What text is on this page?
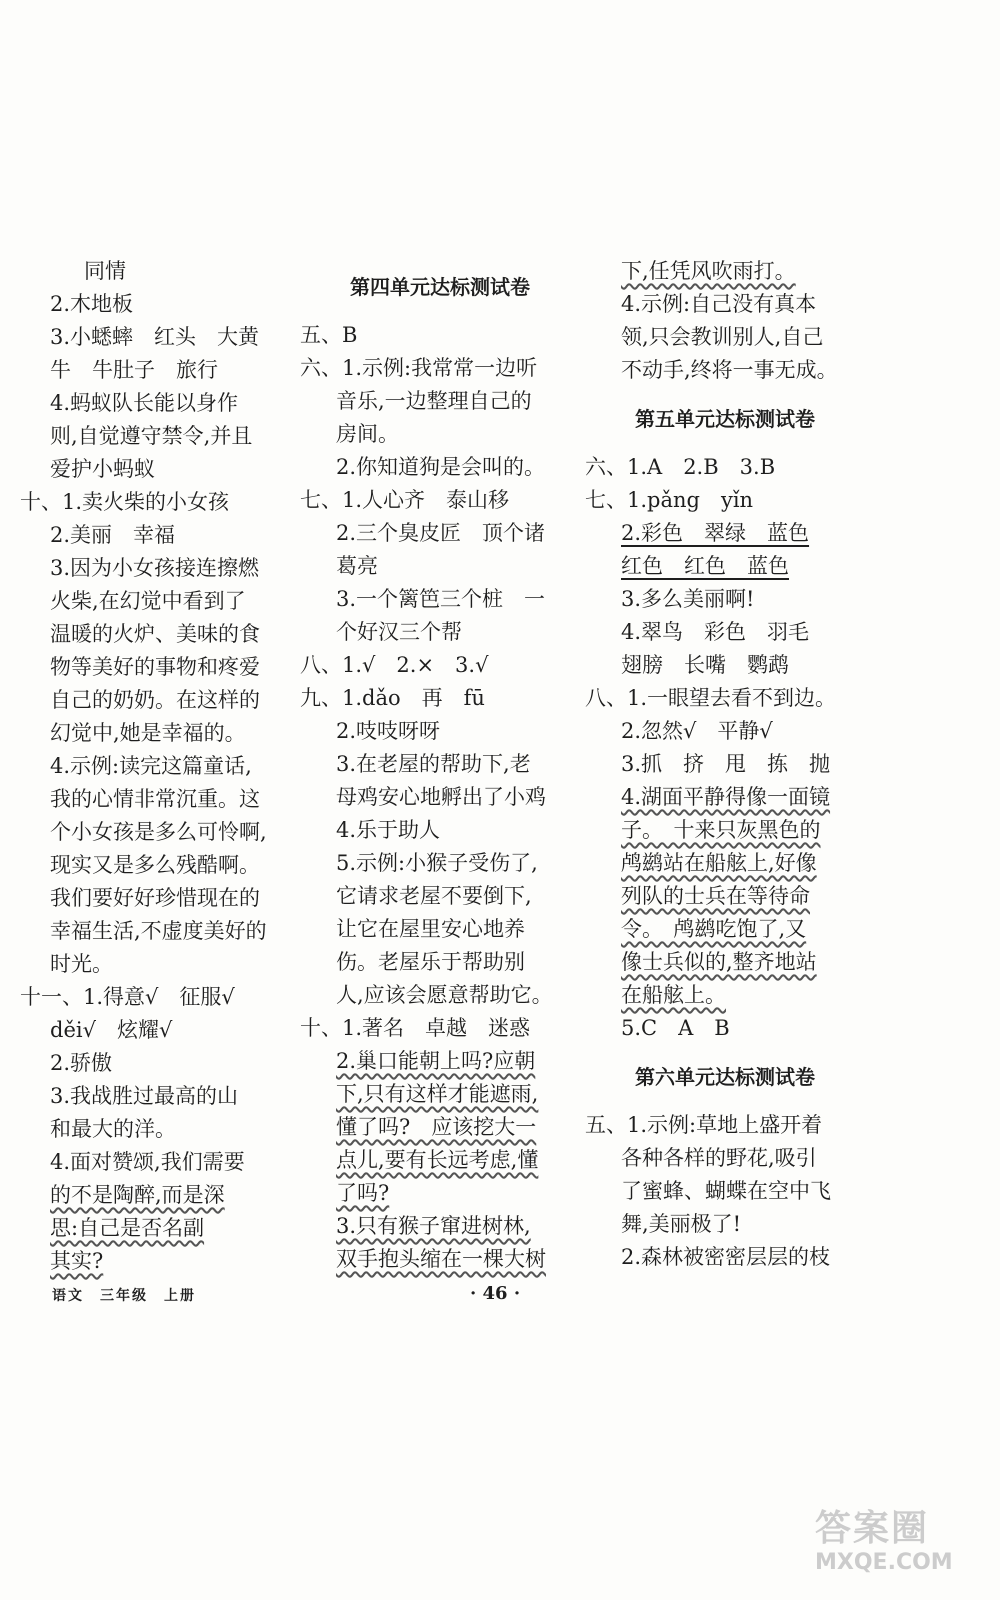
同情
2.木地板
3.小蟋蟀　红头　大黄
牛　牛肚子　旅行
4.蚂蚁队长能以身作
则,自觉遵守禁令,并且
爱护小蚂蚁
十、1.卖火柴的小女孩
2.美丽　幸福
3.因为小女孩接连擦燃
火柴,在幻觉中看到了
温暖的火炉、美味的食
物等美好的事物和疼爱
自己的奶奶。在这样的
幻觉中,她是幸福的。
4.示例:读完这篇童话,
我的心情非常沉重。这
个小女孩是多么可怜啊,
现实又是多么残酷啊。
我们要好好珍惜现在的
幸福生活,不虚度美好的
时光。
十一、1.得意√　征服√
děi√　炫耀√
2.骄傲
3.我战胜过最高的山
和最大的洋。
4.面对赞颂,我们需要
的不是陶醉,而是深
思:自己是否名副
其实?
第四单元达标测试卷
五、B
六、1.示例:我常常一边听
音乐,一边整理自己的
房间。
2.你知道狗是会叫的。
七、1.人心齐　泰山移
2.三个臭皮匠　顶个诸
葛亮
3.一个篱笆三个桩　一
个好汉三个帮
八、1.√　2.×　3.√
九、1.dǎo　再　fū
2.吱吱呀呀
3.在老屋的帮助下,老
母鸡安心地孵出了小鸡
4.乐于助人
5.示例:小猴子受伤了,
它请求老屋不要倒下,
让它在屋里安心地养
伤。老屋乐于帮助别
人,应该会愿意帮助它。
十、1.著名　卓越　迷惑
2.巢口能朝上吗?应朝
下,只有这样才能遮雨,
懂了吗?　应该挖大一
点儿,要有长远考虑,懂
了吗?
3.只有猴子窜进树林,
双手抱头缩在一棵大树
下,任凭风吹雨打。
4.示例:自己没有真本
领,只会教训别人,自己
不动手,终将一事无成。
第五单元达标测试卷
六、1.A　2.B　3.B
七、1.pǎng　yǐn
2.彩色　翠绿　蓝色
红色　红色　蓝色
3.多么美丽啊!
4.翠鸟　彩色　羽毛
翅膀　长嘴　鹦鹉
八、1.一眼望去看不到边。
2.忽然√　平静√
3.抓　挤　甩　拣　抛
4.湖面平静得像一面镜
子。　十来只灰黑色的
鸬鹚站在船舷上,好像
列队的士兵在等待命
令。　鸬鹚吃饱了,又
像士兵似的,整齐地站
在船舷上。
5.C　A　B
第六单元达标测试卷
五、1.示例:草地上盛开着
各种各样的野花,吸引
了蜜蜂、蝴蝶在空中飞
舞,美丽极了!
2.森林被密密层层的枝
语文　三年级　上册	· 46 ·
答案圈
MXQE.COM
